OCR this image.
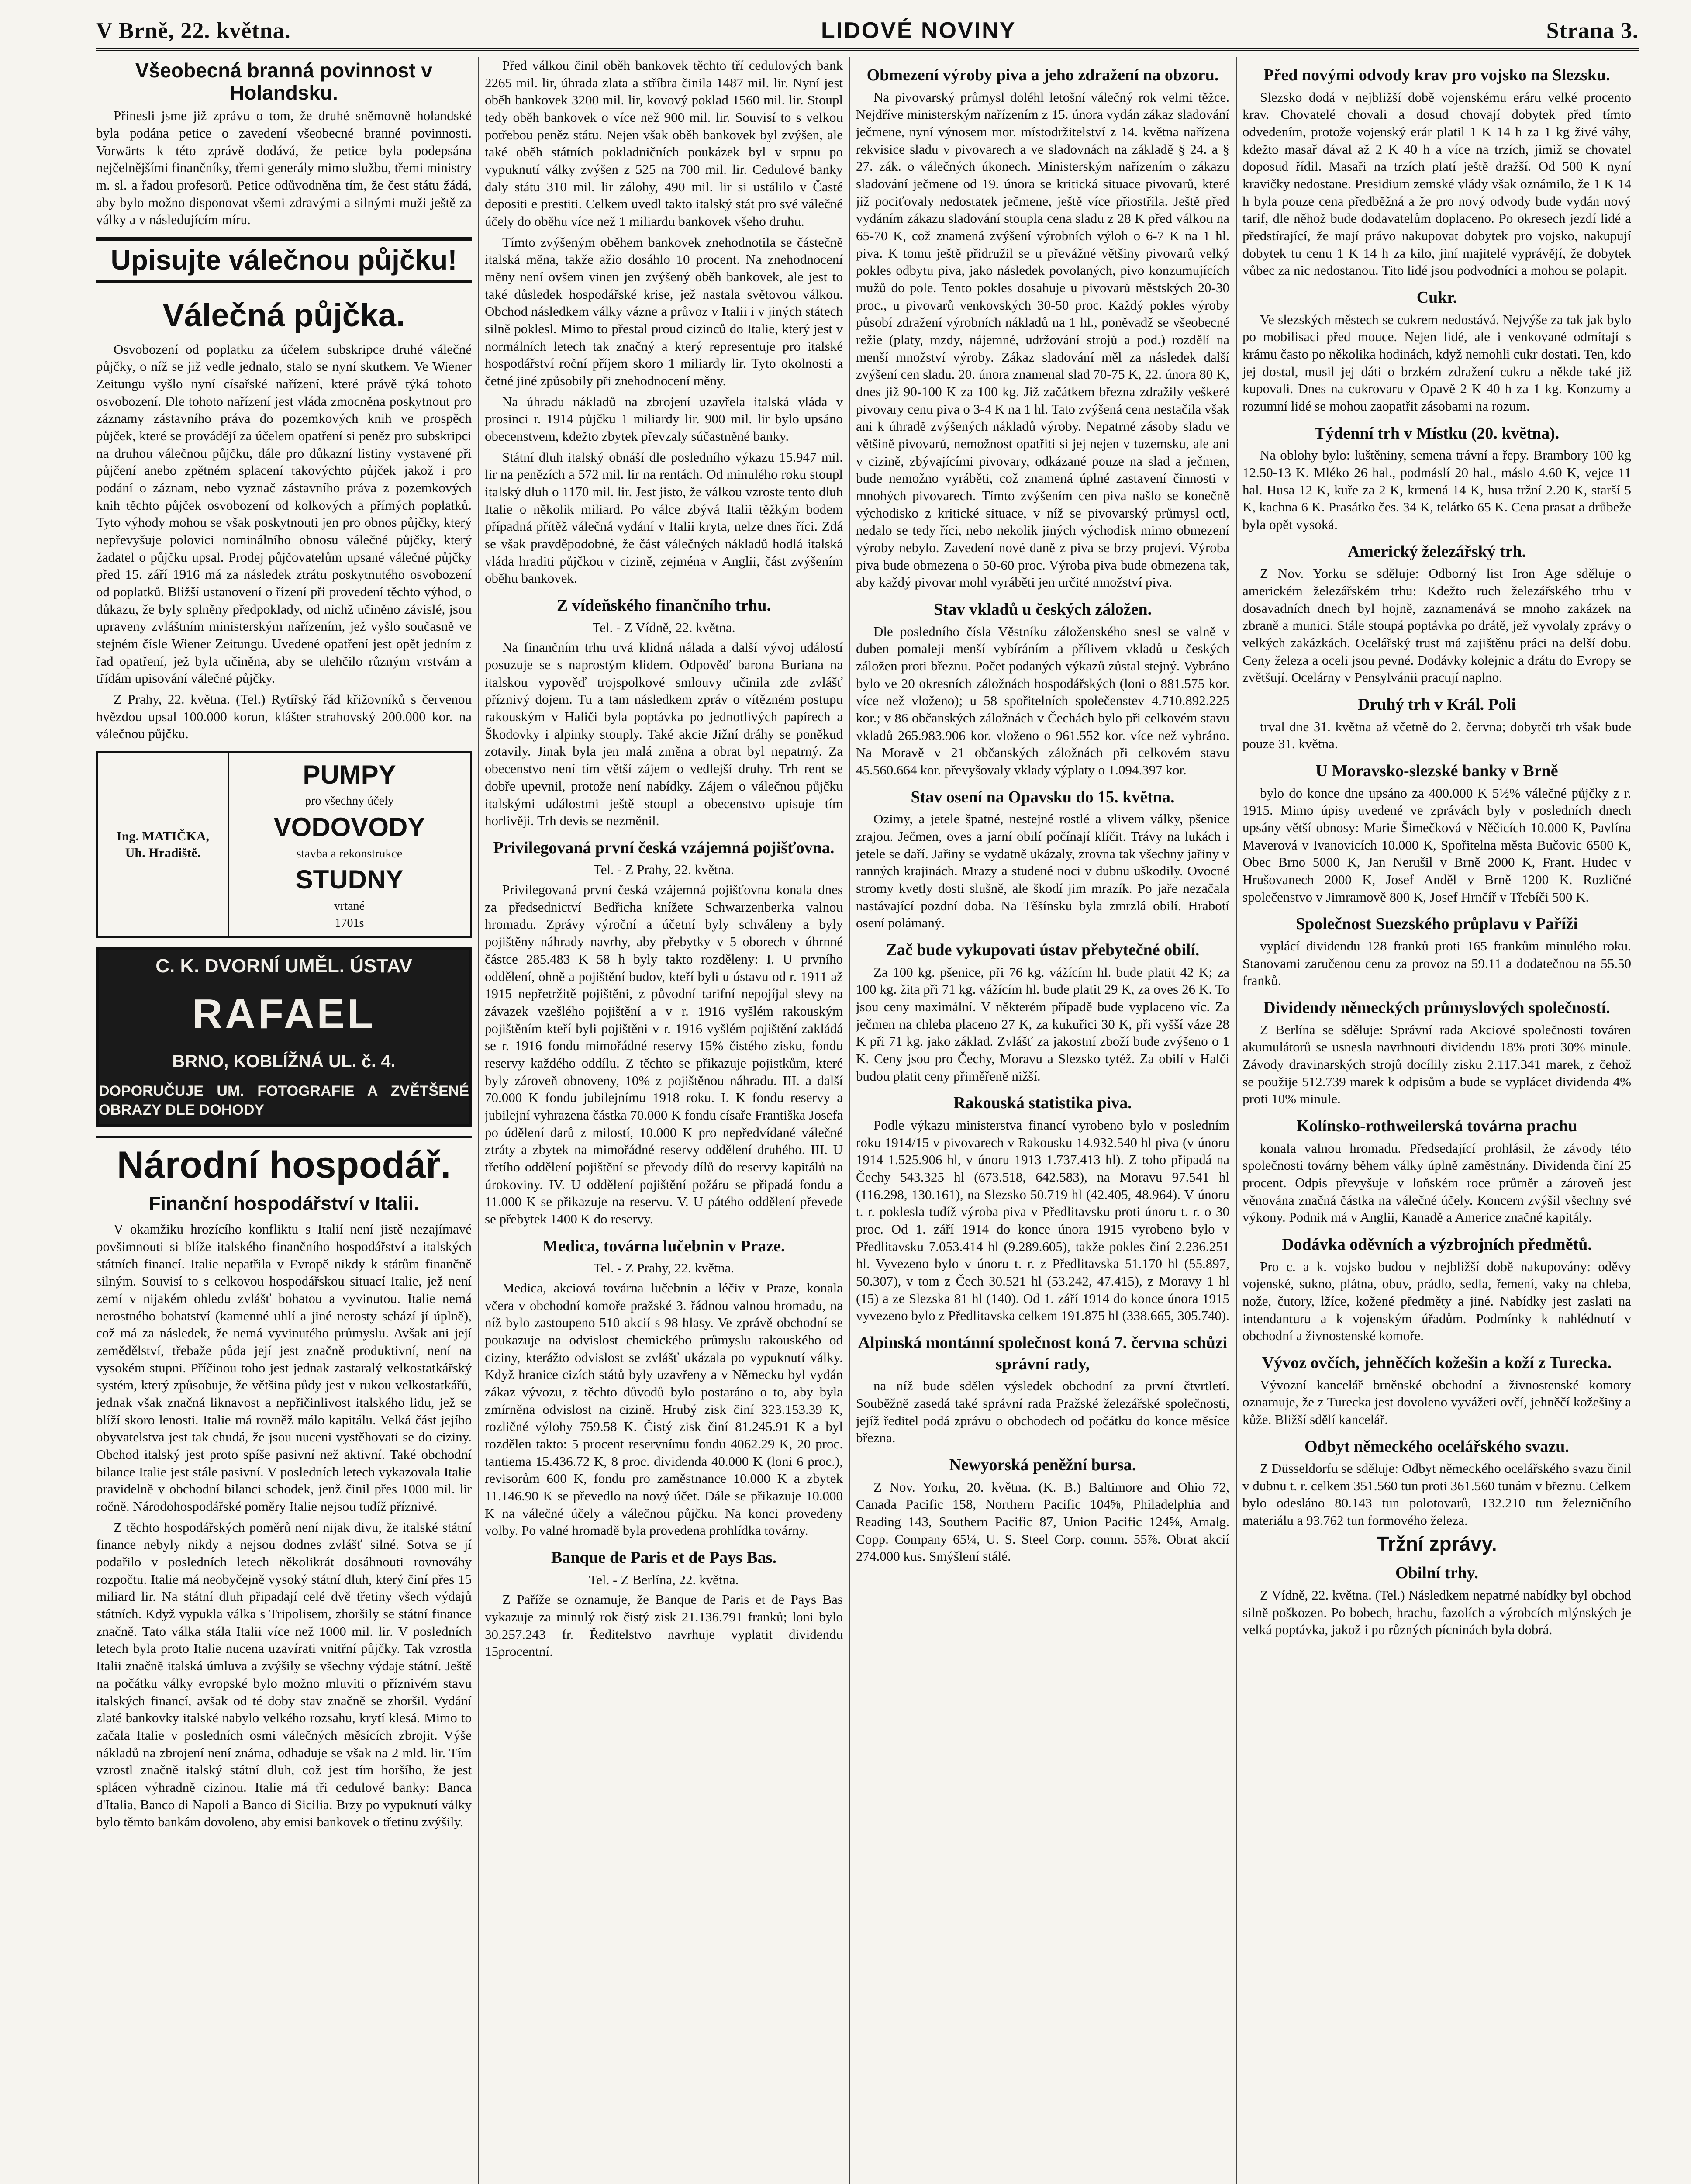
V Brně, 22. května.	LIDOVÉ NOVINY	Strana 3.
Všeobecná branná povinnost v Holandsku.

Přinesli jsme již zprávu o tom, že druhé sněmovně holandské byla podána petice o zavedení všeobecné branné povinnosti. Vorwärts k této zprávě dodává, že petice byla podepsána nejčelnějšími finančníky, třemi generály mimo službu, třemi ministry m. sl. a řadou profesorů. Petice odůvodněna tím, že čest státu žádá, aby bylo možno disponovat všemi zdravými a silnými muži ještě za války a v následujícím míru.

Upisujte válečnou půjčku!
Válečná půjčka.

Osvobození od poplatku za účelem subskripce druhé válečné půjčky, o níž se již vedle jednalo, stalo se nyní skutkem. Ve Wiener Zeitungu vyšlo nyní císařské nařízení, které právě týká tohoto osvobození. Dle tohoto nařízení jest vláda zmocněna poskytnout pro záznamy zástavního práva do pozemkových knih ve prospěch půjček, které se provádějí za účelem opatření si peněz pro subskripci na druhou válečnou půjčku, dále pro důkazní listiny vystavené při půjčení anebo zpětném splacení takovýchto půjček jakož i pro podání o záznam, nebo vyznač zástavního práva z pozemkových knih těchto půjček osvobození od kolkových a přímých poplatků. Tyto výhody mohou se však poskytnouti jen pro obnos půjčky, který nepřevyšuje polovici nominálního obnosu válečné půjčky, který žadatel o půjčku upsal. Prodej půjčovatelům upsané válečné půjčky před 15. září 1916 má za následek ztrátu poskytnutého osvobození od poplatků. Bližší ustanovení o řízení při provedení těchto výhod, o důkazu, že byly splněny předpoklady, od nichž učiněno závislé, jsou upraveny zvláštním ministerským nařízením, jež vyšlo současně ve stejném čísle Wiener Zeitungu. Uvedené opatření jest opět jedním z řad opatření, jež byla učiněna, aby se ulehčilo různým vrstvám a třídám upisování válečné půjčky.

Z Prahy, 22. května. (Tel.) Rytířský řád křižovníků s červenou hvězdou upsal 100.000 korun, klášter strahovský 200.000 kor. na válečnou půjčku.

Ing. MATIČKA,
Uh. Hradiště.
PUMPY
pro všechny účely
VODOVODY
stavba a rekonstrukce
STUDNY
vrtané
1701s
C. K. DVORNÍ UMĚL. ÚSTAV
RAFAEL
BRNO, KOBLÍŽNÁ UL. č. 4.
DOPORUČUJE UM. FOTOGRAFIE A ZVĚTŠENÉ OBRAZY DLE DOHODY
Národní hospodář.
Finanční hospodářství v Italii.

V okamžiku hrozícího konfliktu s Italií není jistě nezajímavé povšimnouti si blíže italského finančního hospodářství a italských státních financí. Italie nepatřila v Evropě nikdy k státům finančně silným. Souvisí to s celkovou hospodářskou situací Italie, jež není zemí v nijakém ohledu zvlášť bohatou a vyvinutou. Italie nemá nerostného bohatství (kamenné uhlí a jiné nerosty schází jí úplně), což má za následek, že nemá vyvinutého průmyslu. Avšak ani její zemědělství, třebaže půda její jest značně produktivní, není na vysokém stupni. Příčinou toho jest jednak zastaralý velkostatkářský systém, který způsobuje, že většina půdy jest v rukou velkostatkářů, jednak však značná liknavost a nepřičinlivost italského lidu, jež se blíží skoro lenosti. Italie má rovněž málo kapitálu. Velká část jejího obyvatelstva jest tak chudá, že jsou nuceni vystěhovati se do ciziny. Obchod italský jest proto spíše pasivní než aktivní. Také obchodní bilance Italie jest stále pasivní. V posledních letech vykazovala Italie pravidelně v obchodní bilanci schodek, jenž činil přes 1000 mil. lir ročně. Národohospodářské poměry Italie nejsou tudíž příznivé.

Z těchto hospodářských poměrů není nijak divu, že italské státní finance nebyly nikdy a nejsou dodnes zvlášť silné. Sotva se jí podařilo v posledních letech několikrát dosáhnouti rovnováhy rozpočtu. Italie má neobyčejně vysoký státní dluh, který činí přes 15 miliard lir. Na státní dluh připadají celé dvě třetiny všech výdajů státních. Když vypukla válka s Tripolisem, zhoršily se státní finance značně. Tato válka stála Italii více než 1000 mil. lir. V posledních letech byla proto Italie nucena uzavírati vnitřní půjčky. Tak vzrostla Italii značně italská úmluva a zvýšily se všechny výdaje státní. Ještě na počátku války evropské bylo možno mluviti o příznivém stavu italských financí, avšak od té doby stav značně se zhoršil. Vydání zlaté bankovky italské nabylo velkého rozsahu, krytí klesá. Mimo to začala Italie v posledních osmi válečných měsících zbrojit. Výše nákladů na zbrojení není známa, odhaduje se však na 2 mld. lir. Tím vzrostl značně italský státní dluh, což jest tím horšího, že jest splácen výhradně cizinou. Italie má tři cedulové banky: Banca d'Italia, Banco di Napoli a Banco di Sicilia. Brzy po vypuknutí války bylo těmto bankám dovoleno, aby emisi bankovek o třetinu zvýšily.

Před válkou činil oběh bankovek těchto tří cedulových bank 2265 mil. lir, úhrada zlata a stříbra činila 1487 mil. lir. Nyní jest oběh bankovek 3200 mil. lir, kovový poklad 1560 mil. lir. Stoupl tedy oběh bankovek o více než 900 mil. lir. Souvisí to s velkou potřebou peněz státu. Nejen však oběh bankovek byl zvýšen, ale také oběh státních pokladničních poukázek byl v srpnu po vypuknutí války zvýšen z 525 na 700 mil. lir. Cedulové banky daly státu 310 mil. lir zálohy, 490 mil. lir si ustálilo v Časté depositi e prestiti. Celkem uvedl takto italský stát pro své válečné účely do oběhu více než 1 miliardu bankovek všeho druhu.

Tímto zvýšeným oběhem bankovek znehodnotila se částečně italská měna, takže ažio dosáhlo 10 procent. Na znehodnocení měny není ovšem vinen jen zvýšený oběh bankovek, ale jest to také důsledek hospodářské krise, jež nastala světovou válkou. Obchod následkem války vázne a průvoz v Italii i v jiných státech silně poklesl. Mimo to přestal proud cizinců do Italie, který jest v normálních letech tak značný a který representuje pro italské hospodářství roční příjem skoro 1 miliardy lir. Tyto okolnosti a četné jiné způsobily při znehodnocení měny.

Na úhradu nákladů na zbrojení uzavřela italská vláda v prosinci r. 1914 půjčku 1 miliardy lir. 900 mil. lir bylo upsáno obecenstvem, kdežto zbytek převzaly súčastněné banky.

Státní dluh italský obnáší dle posledního výkazu 15.947 mil. lir na penězích a 572 mil. lir na rentách. Od minulého roku stoupl italský dluh o 1170 mil. lir. Jest jisto, že válkou vzroste tento dluh Italie o několik miliard. Po válce zbývá Italii těžkým bodem případná přítěž válečná vydání v Italii kryta, nelze dnes říci. Zdá se však pravděpodobné, že část válečných nákladů hodlá italská vláda hraditi půjčkou v cizině, zejména v Anglii, část zvýšením oběhu bankovek.

Z vídeňského finančního trhu.
Tel. - Z Vídně, 22. května.

Na finančním trhu trvá klidná nálada a další vývoj událostí posuzuje se s naprostým klidem. Odpověď barona Buriana na italskou vypověď trojspolkové smlouvy učinila zde zvlášť příznivý dojem. Tu a tam následkem zpráv o vítězném postupu rakouským v Haliči byla poptávka po jednotlivých papírech a Škodovky i alpinky stouply. Také akcie Jižní dráhy se poněkud zotavily. Jinak byla jen malá změna a obrat byl nepatrný. Za obecenstvo není tím větší zájem o vedlejší druhy. Trh rent se dobře upevnil, protože není nabídky. Zájem o válečnou půjčku italskými událostmi ještě stoupl a obecenstvo upisuje tím horlivěji. Trh devis se nezměnil.

Privilegovaná první česká vzájemná pojišťovna.
Tel. - Z Prahy, 22. května.

Privilegovaná první česká vzájemná pojišťovna konala dnes za předsednictví Bedřicha knížete Schwarzenberka valnou hromadu. Zprávy výroční a účetní byly schváleny a byly pojištěny náhrady navrhy, aby přebytky v 5 oborech v úhrnné částce 285.483 K 58 h byly takto rozděleny: I. U prvního oddělení, ohně a pojištění budov, kteří byli u ústavu od r. 1911 až 1915 nepřetržitě pojištěni, z původní tarifní nepojíjal slevy na závazek vzešlého pojištění a v r. 1916 vyšlém rakouským pojištěním kteří byli pojištěni v r. 1916 vyšlém pojištění zakládá se r. 1916 fondu mimořádné reservy 15% čistého zisku, fondu reservy každého oddílu. Z těchto se přikazuje pojistkům, které byly zároveň obnoveny, 10% z pojištěnou náhradu. III. a další 70.000 K fondu jubilejnímu 1918 roku. I. K fondu reservy a jubilejní vyhrazena částka 70.000 K fondu císaře Františka Josefa po údělení darů z milostí, 10.000 K pro nepředvídané válečné ztráty a zbytek na mimořádné reservy oddělení druhého. III. U třetího oddělení pojištění se převody dílů do reservy kapitálů na úrokoviny. IV. U oddělení pojištění požáru se připadá fondu a 11.000 K se přikazuje na reservu. V. U pátého oddělení převede se přebytek 1400 K do reservy.

Medica, továrna lučebnin v Praze.
Tel. - Z Prahy, 22. května.

Medica, akciová továrna lučebnin a léčiv v Praze, konala včera v obchodní komoře pražské 3. řádnou valnou hromadu, na níž bylo zastoupeno 510 akcií s 98 hlasy. Ve zprávě obchodní se poukazuje na odvislost chemického průmyslu rakouského od ciziny, kterážto odvislost se zvlášť ukázala po vypuknutí války. Když hranice cizích států byly uzavřeny a v Německu byl vydán zákaz vývozu, z těchto důvodů bylo postaráno o to, aby byla zmírněna odvislost na cizině. Hrubý zisk činí 323.153.39 K, rozličné výlohy 759.58 K. Čistý zisk činí 81.245.91 K a byl rozdělen takto: 5 procent reservnímu fondu 4062.29 K, 20 proc. tantiema 15.436.72 K, 8 proc. dividenda 40.000 K (loni 6 proc.), revisorům 600 K, fondu pro zaměstnance 10.000 K a zbytek 11.146.90 K se převedlo na nový účet. Dále se přikazuje 10.000 K na válečné účely a válečnou půjčku. Na konci provedeny volby. Po valné hromadě byla provedena prohlídka továrny.

Banque de Paris et de Pays Bas.
Tel. - Z Berlína, 22. května.

Z Paříže se oznamuje, že Banque de Paris et de Pays Bas vykazuje za minulý rok čistý zisk 21.136.791 franků; loni bylo 30.257.243 fr. Ředitelstvo navrhuje vyplatit dividendu 15procentní.

Obmezení výroby piva a jeho zdražení na obzoru.

Na pivovarský průmysl doléhl letošní válečný rok velmi těžce. Nejdříve ministerským nařízením z 15. února vydán zákaz sladování ječmene, nyní výnosem mor. místodržitelství z 14. května nařízena rekvisice sladu v pivovarech a ve sladovnách na základě § 24. a § 27. zák. o válečných úkonech. Ministerským nařízením o zákazu sladování ječmene od 19. února se kritická situace pivovarů, které již pociťovaly nedostatek ječmene, ještě více přiostřila. Ještě před vydáním zákazu sladování stoupla cena sladu z 28 K před válkou na 65-70 K, což znamená zvýšení výrobních výloh o 6-7 K na 1 hl. piva. K tomu ještě přidružil se u převážné většiny pivovarů velký pokles odbytu piva, jako následek povolaných, pivo konzumujících mužů do pole. Tento pokles dosahuje u pivovarů městských 20-30 proc., u pivovarů venkovských 30-50 proc. Každý pokles výroby působí zdražení výrobních nákladů na 1 hl., poněvadž se všeobecné režie (platy, mzdy, nájemné, udržování strojů a pod.) rozdělí na menší množství výroby. Zákaz sladování měl za následek další zvýšení cen sladu. 20. února znamenal slad 70-75 K, 22. února 80 K, dnes již 90-100 K za 100 kg. Již začátkem března zdražily veškeré pivovary cenu piva o 3-4 K na 1 hl. Tato zvýšená cena nestačila však ani k úhradě zvýšených nákladů výroby. Nepatrné zásoby sladu ve většině pivovarů, nemožnost opatřiti si jej nejen v tuzemsku, ale ani v cizině, zbývajícími pivovary, odkázané pouze na slad a ječmen, bude nemožno vyráběti, což znamená úplné zastavení činnosti v mnohých pivovarech. Tímto zvýšením cen piva našlo se konečně východisko z kritické situace, v níž se pivovarský průmysl octl, nedalo se tedy říci, nebo nekolik jiných východisk mimo obmezení výroby nebylo. Zavedení nové daně z piva se brzy projeví. Výroba piva bude obmezena o 50-60 proc. Výroba piva bude obmezena tak, aby každý pivovar mohl vyráběti jen určité množství piva.

Stav vkladů u českých záložen.

Dle posledního čísla Věstníku záloženského snesl se valně v duben pomaleji menší vybíráním a přílivem vkladů u českých záložen proti březnu. Počet podaných výkazů zůstal stejný. Vybráno bylo ve 20 okresních záložnách hospodářských (loni o 881.575 kor. více než vloženo); u 58 spořitelních společenstev 4.710.892.225 kor.; v 86 občanských záložnách v Čechách bylo při celkovém stavu vkladů 265.983.906 kor. vloženo o 961.552 kor. více než vybráno. Na Moravě v 21 občanských záložnách při celkovém stavu 45.560.664 kor. převyšovaly vklady výplaty o 1.094.397 kor.

Stav osení na Opavsku do 15. května.

Ozimy, a jetele špatné, nestejné rostlé a vlivem války, pšenice zrajou. Ječmen, oves a jarní obilí počínají klíčit. Trávy na lukách i jetele se daří. Jařiny se vydatně ukázaly, zrovna tak všechny jařiny v ranných krajinách. Mrazy a studené noci v dubnu uškodily. Ovocné stromy kvetly dosti slušně, ale škodí jim mrazík. Po jaře nezačala nastávající pozdní doba. Na Těšínsku byla zmrzlá obilí. Hrabotí osení polámaný.

Zač bude vykupovati ústav přebytečné obilí.

Za 100 kg. pšenice, při 76 kg. vážícím hl. bude platit 42 K; za 100 kg. žita při 71 kg. vážícím hl. bude platit 29 K, za oves 26 K. To jsou ceny maximální. V některém případě bude vyplaceno víc. Za ječmen na chleba placeno 27 K, za kukuřici 30 K, při vyšší váze 28 K při 71 kg. jako základ. Zvlášť za jakostní zboží bude zvýšeno o 1 K. Ceny jsou pro Čechy, Moravu a Slezsko tytéž. Za obilí v Halči budou platit ceny přiměřeně nižší.

Rakouská statistika piva.

Podle výkazu ministerstva financí vyrobeno bylo v posledním roku 1914/15 v pivovarech v Rakousku 14.932.540 hl piva (v únoru 1914 1.525.906 hl, v únoru 1913 1.737.413 hl). Z toho připadá na Čechy 543.325 hl (673.518, 642.583), na Moravu 97.541 hl (116.298, 130.161), na Slezsko 50.719 hl (42.405, 48.964). V únoru t. r. poklesla tudíž výroba piva v Předlitavsku proti únoru t. r. o 30 proc. Od 1. září 1914 do konce února 1915 vyrobeno bylo v Předlitavsku 7.053.414 hl (9.289.605), takže pokles činí 2.236.251 hl. Vyvezeno bylo v únoru t. r. z Předlitavska 51.170 hl (55.897, 50.307), v tom z Čech 30.521 hl (53.242, 47.415), z Moravy 1 hl (15) a ze Slezska 81 hl (140). Od 1. září 1914 do konce února 1915 vyvezeno bylo z Předlitavska celkem 191.875 hl (338.665, 305.740).

Alpinská montánní společnost koná 7. června schůzi správní rady,

na níž bude sdělen výsledek obchodní za první čtvrtletí. Souběžně zasedá také správní rada Pražské železářské společnosti, jejíž ředitel podá zprávu o obchodech od počátku do konce měsíce března.

Newyorská peněžní bursa.

Z Nov. Yorku, 20. května. (K. B.) Baltimore and Ohio 72, Canada Pacific 158, Northern Pacific 104⅝, Philadelphia and Reading 143, Southern Pacific 87, Union Pacific 124⅝, Amalg. Copp. Company 65¼, U. S. Steel Corp. comm. 55⅞. Obrat akcií 274.000 kus. Smýšlení stálé.

Před novými odvody krav pro vojsko na Slezsku.

Slezsko dodá v nejbližší době vojenskému eráru velké procento krav. Chovatelé chovali a dosud chovají dobytek před tímto odvedením, protože vojenský erár platil 1 K 14 h za 1 kg živé váhy, kdežto masař dával až 2 K 40 h a více na trzích, jimiž se chovatel doposud řídil. Masaři na trzích platí ještě dražší. Od 500 K nyní kravičky nedostane. Presidium zemské vlády však oznámilo, že 1 K 14 h byla pouze cena předběžná a že pro nový odvody bude vydán nový tarif, dle něhož bude dodavatelům doplaceno. Po okresech jezdí lidé a předstírající, že mají právo nakupovat dobytek pro vojsko, nakupují dobytek tu cenu 1 K 14 h za kilo, jiní majitelé vyprávějí, že dobytek vůbec za nic nedostanou. Tito lidé jsou podvodníci a mohou se polapit.

Cukr.

Ve slezských městech se cukrem nedostává. Nejvýše za tak jak bylo po mobilisaci před mouce. Nejen lidé, ale i venkované odmítají s krámu často po několika hodinách, když nemohli cukr dostati. Ten, kdo jej dostal, musil jej dáti o brzkém zdražení cukru a někde také již kupovali. Dnes na cukrovaru v Opavě 2 K 40 h za 1 kg. Konzumy a rozumní lidé se mohou zaopatřit zásobami na rozum.

Týdenní trh v Místku (20. května).

Na oblohy bylo: luštěniny, semena trávní a řepy. Brambory 100 kg 12.50-13 K. Mléko 26 hal., podmáslí 20 hal., máslo 4.60 K, vejce 11 hal. Husa 12 K, kuře za 2 K, krmená 14 K, husa tržní 2.20 K, starší 5 K, kachna 6 K. Prasátko čes. 34 K, telátko 65 K. Cena prasat a drůbeže byla opět vysoká.

Americký železářský trh.

Z Nov. Yorku se sděluje: Odborný list Iron Age sděluje o americkém železářském trhu: Kdežto ruch železářského trhu v dosavadních dnech byl hojně, zaznamenává se mnoho zakázek na zbraně a munici. Stále stoupá poptávka po drátě, jež vyvolaly zprávy o velkých zakázkách. Ocelářský trust má zajištěnu práci na delší dobu. Ceny železa a oceli jsou pevné. Dodávky kolejnic a drátu do Evropy se zvětšují. Ocelárny v Pensylvánii pracují naplno.

Druhý trh v Král. Poli

trval dne 31. května až včetně do 2. června; dobytčí trh však bude pouze 31. května.

U Moravsko-slezské banky v Brně

bylo do konce dne upsáno za 400.000 K 5½% válečné půjčky z r. 1915. Mimo úpisy uvedené ve zprávách byly v posledních dnech upsány větší obnosy: Marie Šimečková v Něčicích 10.000 K, Pavlína Maverová v Ivanovicích 10.000 K, Spořitelna města Bučovic 6500 K, Obec Brno 5000 K, Jan Nerušil v Brně 2000 K, Frant. Hudec v Hrušovanech 2000 K, Josef Anděl v Brně 1200 K. Rozličné společenstvo v Jimramově 800 K, Josef Hrnčíř v Třebíči 500 K.

Společnost Suezského průplavu v Paříži

vyplácí dividendu 128 franků proti 165 frankům minulého roku. Stanovami zaručenou cenu za provoz na 59.11 a dodatečnou na 55.50 franků.

Dividendy německých průmyslových společností.

Z Berlína se sděluje: Správní rada Akciové společnosti továren akumulátorů se usnesla navrhnouti dividendu 18% proti 30% minule. Závody dravinarských strojů docílily zisku 2.117.341 marek, z čehož se použije 512.739 marek k odpisům a bude se vyplácet dividenda 4% proti 10% minule.

Kolínsko-rothweilerská továrna prachu

konala valnou hromadu. Předsedající prohlásil, že závody této společnosti továrny během války úplně zaměstnány. Dividenda činí 25 procent. Odpis převyšuje v loňském roce průměr a zároveň jest věnována značná částka na válečné účely. Koncern zvýšil všechny své výkony. Podnik má v Anglii, Kanadě a Americe značné kapitály.

Dodávka oděvních a výzbrojních předmětů.

Pro c. a k. vojsko budou v nejbližší době nakupovány: oděvy vojenské, sukno, plátna, obuv, prádlo, sedla, řemení, vaky na chleba, nože, čutory, lžíce, kožené předměty a jiné. Nabídky jest zaslati na intendanturu a k vojenským úřadům. Podmínky k nahlédnutí v obchodní a živnostenské komoře.

Vývoz ovčích, jehněčích kožešin a koží z Turecka.

Vývozní kancelář brněnské obchodní a živnostenské komory oznamuje, že z Turecka jest dovoleno vyvážeti ovčí, jehněčí kožešiny a kůže. Bližší sdělí kancelář.

Odbyt německého ocelářského svazu.

Z Düsseldorfu se sděluje: Odbyt německého ocelářského svazu činil v dubnu t. r. celkem 351.560 tun proti 361.560 tunám v březnu. Celkem bylo odesláno 80.143 tun polotovarů, 132.210 tun železničního materiálu a 93.762 tun formového železa.

Tržní zprávy.
Obilní trhy.

Z Vídně, 22. května. (Tel.) Následkem nepatrné nabídky byl obchod silně poškozen. Po bobech, hrachu, fazolích a výrobcích mlýnských je velká poptávka, jakož i po různých pícninách byla dobrá.
